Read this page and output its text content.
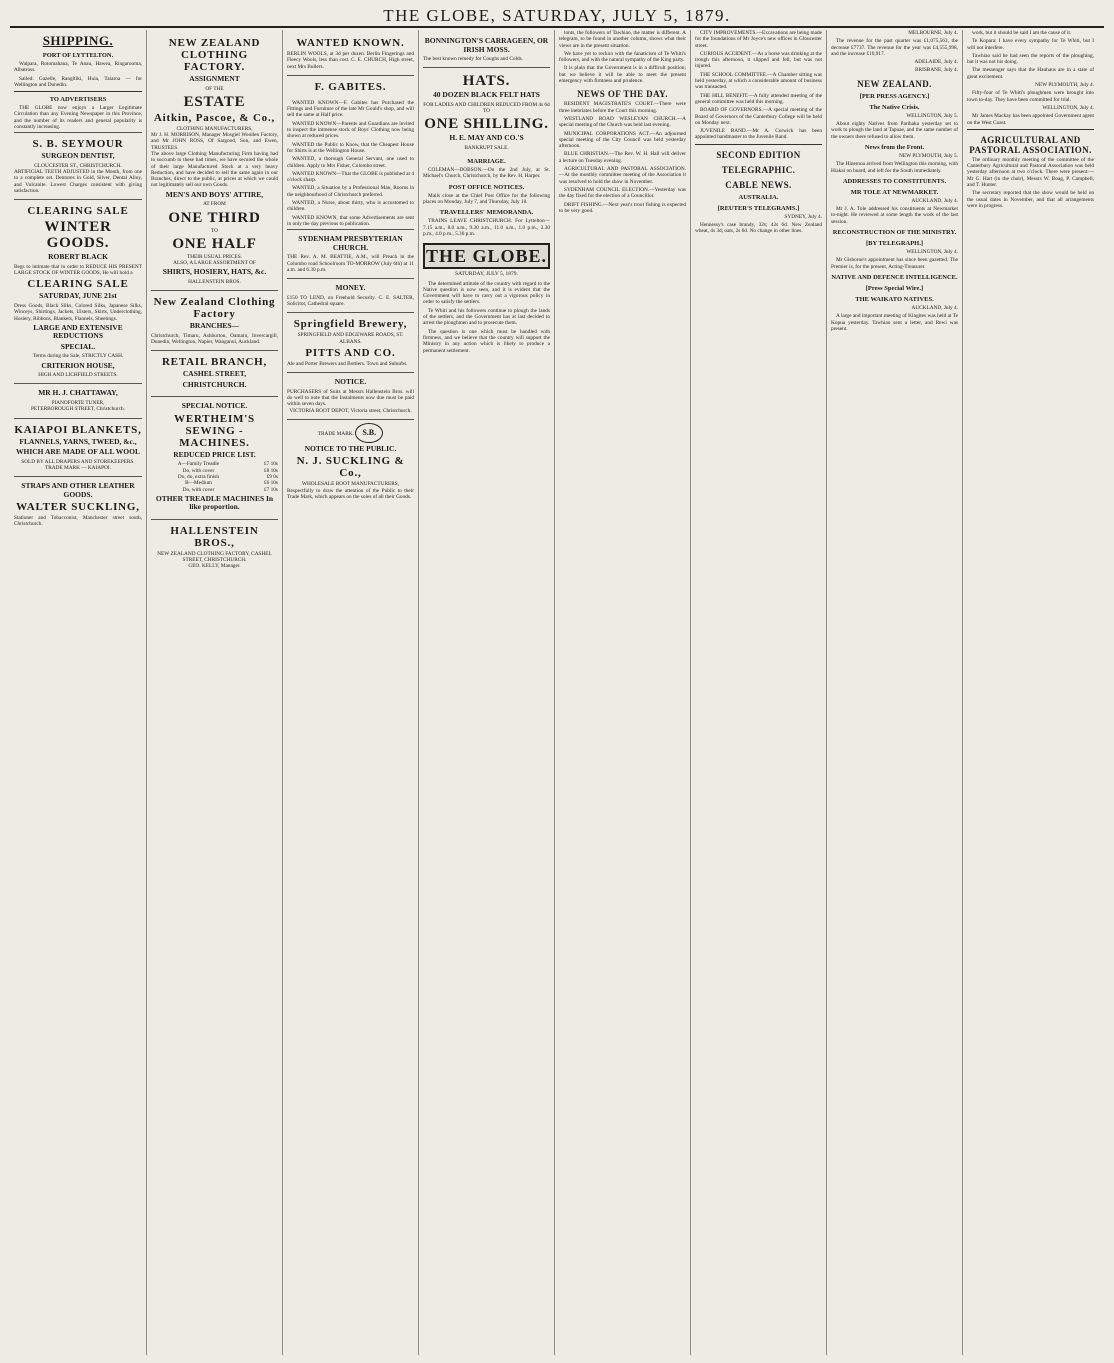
THE GLOBE, SATURDAY, JULY 5, 1879.
SHIPPING.
PORT OF LYTTELTON.

Waipara, Rotomahana, Te Anau, Hawea, Ringarooma, Albatross.

Sailed: Gazelle, Rangitiki, Huia, Taiaroa — for Wellington and Dunedin.

TO ADVERTISERS

THE GLOBE now enjoys a Larger Legitimate Circulation than any Evening Newspaper in this Province, and the number of its readers and general popularity is constantly increasing.

S. B. SEYMOUR
SURGEON DENTIST,
GLOUCESTER ST., CHRISTCHURCH.
ARTIFICIAL TEETH ADJUSTED in the Month, from one to a complete set. Dentures in Gold, Silver, Dental Alloy, and Vulcanite. Lowest Charges consistent with giving satisfaction.
CLEARING SALE
WINTER GOODS.
ROBERT BLACK
Begs to intimate that in order to REDUCE HIS PRESENT LARGE STOCK OF WINTER GOODS, He will hold a
CLEARING SALE
SATURDAY, JUNE 21st
Dress Goods, Black Silks, Colored Silks, Japanese Silks, Winceys, Shirtings, Jackets, Ulsters, Skirts, Underclothing, Hosiery, Ribbons, Blankets, Flannels, Sheetings.
LARGE AND EXTENSIVE REDUCTIONS
SPECIAL.
Terms during the Sale, STRICTLY CASH.
CRITERION HOUSE,
HIGH AND LICHFIELD STREETS.
MR H. J. CHATTAWAY,
PIANOFORTE TUNER,
PETERBOROUGH STREET, Christchurch.
KAIAPOI BLANKETS,
FLANNELS, YARNS, TWEED, &c.,
WHICH ARE MADE OF ALL WOOL
SOLD BY ALL DRAPERS AND STOREKEEPERS.
TRADE MARK — KAIAPOI.
STRAPS AND OTHER LEATHER GOODS.
WALTER SUCKLING,
Stationer and Tobacconist, Manchester street south, Christchurch.
NEW ZEALAND CLOTHING FACTORY.
ASSIGNMENT
OF THE
ESTATE
Aitkin, Pascoe, & Co.,
CLOTHING MANUFACTURERS,
Mr J. H. MORRISON, Manager Mosgiel Woollen Factory, and Mr JOHN ROSS, Of Sargood, Son, and Ewen, TRUSTEES.
The above large Clothing Manufacturing Firm having had to succumb to these bad times, we have secured the whole of their large Manufactured Stock at a very heavy Reduction, and have decided to sell the same again in our Branches, direct to the public, at prices at which we could not legitimately sell our own Goods.
MEN'S AND BOYS' ATTIRE,
AT FROM
ONE THIRD
TO
ONE HALF
THEIR USUAL PRICES.
ALSO, A LARGE ASSORTMENT OF
SHIRTS, HOSIERY, HATS, &c.
HALLENSTEIN BROS.
New Zealand Clothing Factory
BRANCHES—
Christchurch, Timaru, Ashburton, Oamaru, Invercargill, Dunedin, Wellington, Napier, Wanganui, Auckland.
RETAIL BRANCH,
CASHEL STREET,
CHRISTCHURCH.
SPECIAL NOTICE.
WERTHEIM'S SEWING - MACHINES.
REDUCED PRICE LIST.
A—Family Treadle	£7 10s
Do, with cover	£8 10s
Do, do, extra finish	£9 0s
B—Medium	£6 10s
Do, with cover	£7 10s
OTHER TREADLE MACHINES In like proportion.
HALLENSTEIN BROS.,
NEW ZEALAND CLOTHING FACTORY, CASHEL STREET, CHRISTCHURCH.
GEO. KELLY, Manager.
WANTED KNOWN.
BERLIN WOOLS, at 3d per dozen. Berlin Fingerings and Fleecy Wools, less than cost. C. E. CHURCH, High street, next Mrs Bullers.
F. GABITES.

WANTED KNOWN—F. Gabites has Purchased the Fittings and Furniture of the late Mr Gould's shop, and will sell the same at Half price.

WANTED KNOWN—Parents and Guardians are invited to inspect the immense stock of Boys' Clothing now being shown at reduced prices.

WANTED the Public to Know, that the Cheapest House for Shirts is at the Wellington House.

WANTED, a thorough General Servant, one used to children. Apply to Mrs Fisher, Colombo street.

WANTED KNOWN—That the GLOBE is published at 4 o'clock sharp.

WANTED, a Situation by a Professional Man, Rooms in the neighbourhood of Christchurch preferred.

WANTED, a Nurse, about thirty, who is accustomed to children.

WANTED KNOWN, that some Advertisements are sent in only the day previous to publication.

SYDENHAM PRESBYTERIAN CHURCH.
THE Rev. A. M. BEATTIE, A.M., will Preach in the Colombo road Schoolroom TO-MORROW (July 6th) at 11 a.m. and 6.30 p.m.
MONEY.
£150 TO LEND, on Freehold Security. C. E. SALTER, Solicitor, Cathedral square.
Springfield Brewery,
SPRINGFIELD AND EDGEWARE ROADS, ST. ALBANS.
PITTS AND CO.
Ale and Porter Brewers and Bottlers. Town and Suburbs.
NOTICE.
PURCHASERS of Suits at Messrs Hallenstein Bros. will do well to note that the Instalments now due must be paid within seven days.
VICTORIA BOOT DEPOT, Victoria street, Christchurch.
TRADE MARK. S.B.
NOTICE TO THE PUBLIC.
N. J. SUCKLING & Co.,
WHOLESALE BOOT MANUFACTURERS,
Respectfully to draw the attention of the Public to their Trade Mark, which appears on the soles of all their Goods.
BONNINGTON'S CARRAGEEN, OR IRISH MOSS.
The best known remedy for Coughs and Colds.
HATS.
40 DOZEN BLACK FELT HATS
FOR LADIES AND CHILDREN REDUCED FROM 4s 6d TO
ONE SHILLING.
H. E. MAY AND CO.'S
BANKRUPT SALE.
MARRIAGE.

COLEMAN—DOBSON.—On the 2nd July, at St. Michael's Church, Christchurch, by the Rev. H. Harper.

POST OFFICE NOTICES.

Mails close at the Chief Post Office for the following places on Monday, July 7, and Thursday, July 10.

TRAVELLERS' MEMORANDA.

TRAINS LEAVE CHRISTCHURCH. For Lyttelton—7.15 a.m., 8.0 a.m., 9.30 a.m., 11.0 a.m., 1.0 p.m., 2.30 p.m., 4.0 p.m., 5.30 p.m.

THE GLOBE.
SATURDAY, JULY 5, 1879.

The determined attitude of the country with regard to the Native question is now seen, and it is evident that the Government will have to carry out a vigorous policy in order to satisfy the settlers.

Te Whiti and his followers continue to plough the lands of the settlers, and the Government has at last decided to arrest the ploughmen and to prosecute them.

The question is one which must be handled with firmness, and we believe that the country will support the Ministry in any action which is likely to produce a permanent settlement.

tonts, the followers of Tawhiao, the matter is different. A telegram, to be found in another column, shows what their views are in the present situation.

We have yet to reckon with the fanaticism of Te Whiti's followers, and with the natural sympathy of the King party.

It is plain that the Government is in a difficult position; but we believe it will be able to meet the present emergency with firmness and prudence.

NEWS OF THE DAY.

RESIDENT MAGISTRATE'S COURT.—There were three inebriates before the Court this morning.

WESTLAND ROAD WESLEYAN CHURCH.—A special meeting of the Church was held last evening.

MUNICIPAL CORPORATIONS ACT.—An adjourned special meeting of the City Council was held yesterday afternoon.

BLUE CHRISTIAN.—The Rev. W. H. Hall will deliver a lecture on Tuesday evening.

AGRICULTURAL AND PASTORAL ASSOCIATION.—At the monthly committee meeting of the Association it was resolved to hold the show in November.

SYDENHAM COUNCIL ELECTION.—Yesterday was the day fixed for the election of a Councillor.

DRIFT FISHING.—Next year's trout fishing is expected to be very good.

CITY IMPROVEMENTS.—Excavations are being made for the foundations of Mr Joyce's new offices in Gloucester street.

CURIOUS ACCIDENT.—As a horse was drinking at the trough this afternoon, it slipped and fell, but was not injured.

THE SCHOOL COMMITTEE.—A Chamber sitting was held yesterday, at which a considerable amount of business was transacted.

THE HILL BENEFIT.—A fully attended meeting of the general committee was held this morning.

BOARD OF GOVERNORS.—A special meeting of the Board of Governors of the Canterbury College will be held on Monday next.

JUVENILE BAND.—Mr A. Corwick has been appointed bandmaster to the Juvenile Band.

SECOND EDITION
TELEGRAPHIC.
CABLE NEWS.
AUSTRALIA.
[REUTER'S TELEGRAMS.]

SYDNEY, July 4.

Hennessy's case brandy, 32s; 42s 6d. New Zealand wheat, 4s 3d; oats, 2s 6d. No change in other lines.

MELBOURNE, July 4.

The revenue for the past quarter was £1,075,563, the decrease £7737. The revenue for the year was £4,555,998, and the increase £10,917.

ADELAIDE, July 4.

BRISBANE, July 4.

NEW ZEALAND.
[PER PRESS AGENCY.]
The Native Crisis.

WELLINGTON, July 5.

About eighty Natives from Parihaka yesterday set to work to plough the land at Tapuae, and the same number of the owners there refused to allow them.

News from the Front.

NEW PLYMOUTH, July 5.

The Hinemoa arrived from Wellington this morning, with Hiakai on board, and left for the South immediately.

ADDRESSES TO CONSTITUENTS.
MR TOLE AT NEWMARKET.

AUCKLAND, July 4.

Mr J. A. Tole addressed his constituents at Newmarket to-night. He reviewed at some length the work of the last session.

RECONSTRUCTION OF THE MINISTRY.
[BY TELEGRAPH.]

WELLINGTON, July 4.

Mr Gisborne's appointment has since been gazetted. The Premier is, for the present, Acting-Treasurer.

NATIVE AND DEFENCE INTELLIGENCE.
[Press Special Wire.]
THE WAIKATO NATIVES.

AUCKLAND, July 4.

A large and important meeting of Kingites was held at Te Kopua yesterday. Tawhiao sent a letter, and Rewi was present.

work, but it should be said I am the cause of it.

Te Kopara: I have every sympathy for Te Whiti, but I will not interfere.

Tawhiao said he had seen the reports of the ploughing, but it was not his doing.

The messenger says that the Hauhaus are in a state of great excitement.

NEW PLYMOUTH, July 4.

Fifty-four of Te Whiti's ploughmen were brought into town to-day. They have been committed for trial.

WELLINGTON, July 4.

Mr James Mackay has been appointed Government agent on the West Coast.

AGRICULTURAL AND PASTORAL ASSOCIATION.

The ordinary monthly meeting of the committee of the Canterbury Agricultural and Pastoral Association was held yesterday afternoon at two o'clock. There were present:—Mr G. Hart (in the chair), Messrs W. Boag, P. Campbell, and T. Hunter.

The secretary reported that the show would be held on the usual dates in November, and that all arrangements were in progress.
